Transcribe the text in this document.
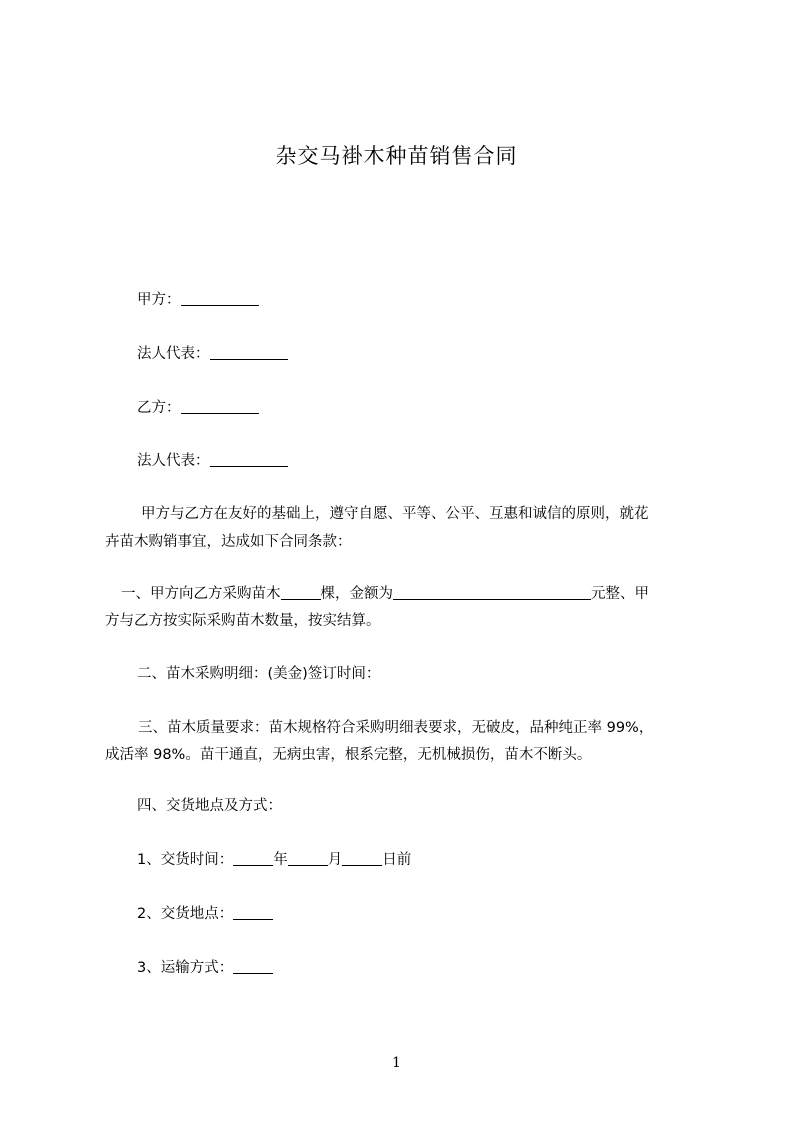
杂交马褂木种苗销售合同
甲方：
法人代表：
乙方：
法人代表：
甲方与乙方在友好的基础上，遵守自愿、平等、公平、互惠和诚信的原则，就花
卉苗木购销事宜，达成如下合同条款：
一、甲方向乙方采购苗木	棵，金额为	元整、甲
方与乙方按实际采购苗木数量，按实结算。
二、苗木采购明细：(美金)签订时间：
三、苗木质量要求：苗木规格符合采购明细表要求，无破皮，品种纯正率 99%，
成活率 98%。苗干通直，无病虫害，根系完整，无机械损伤，苗木不断头。
四、交货地点及方式：
1、交货时间：	年	月	日前
2、交货地点：
3、运输方式：
1
